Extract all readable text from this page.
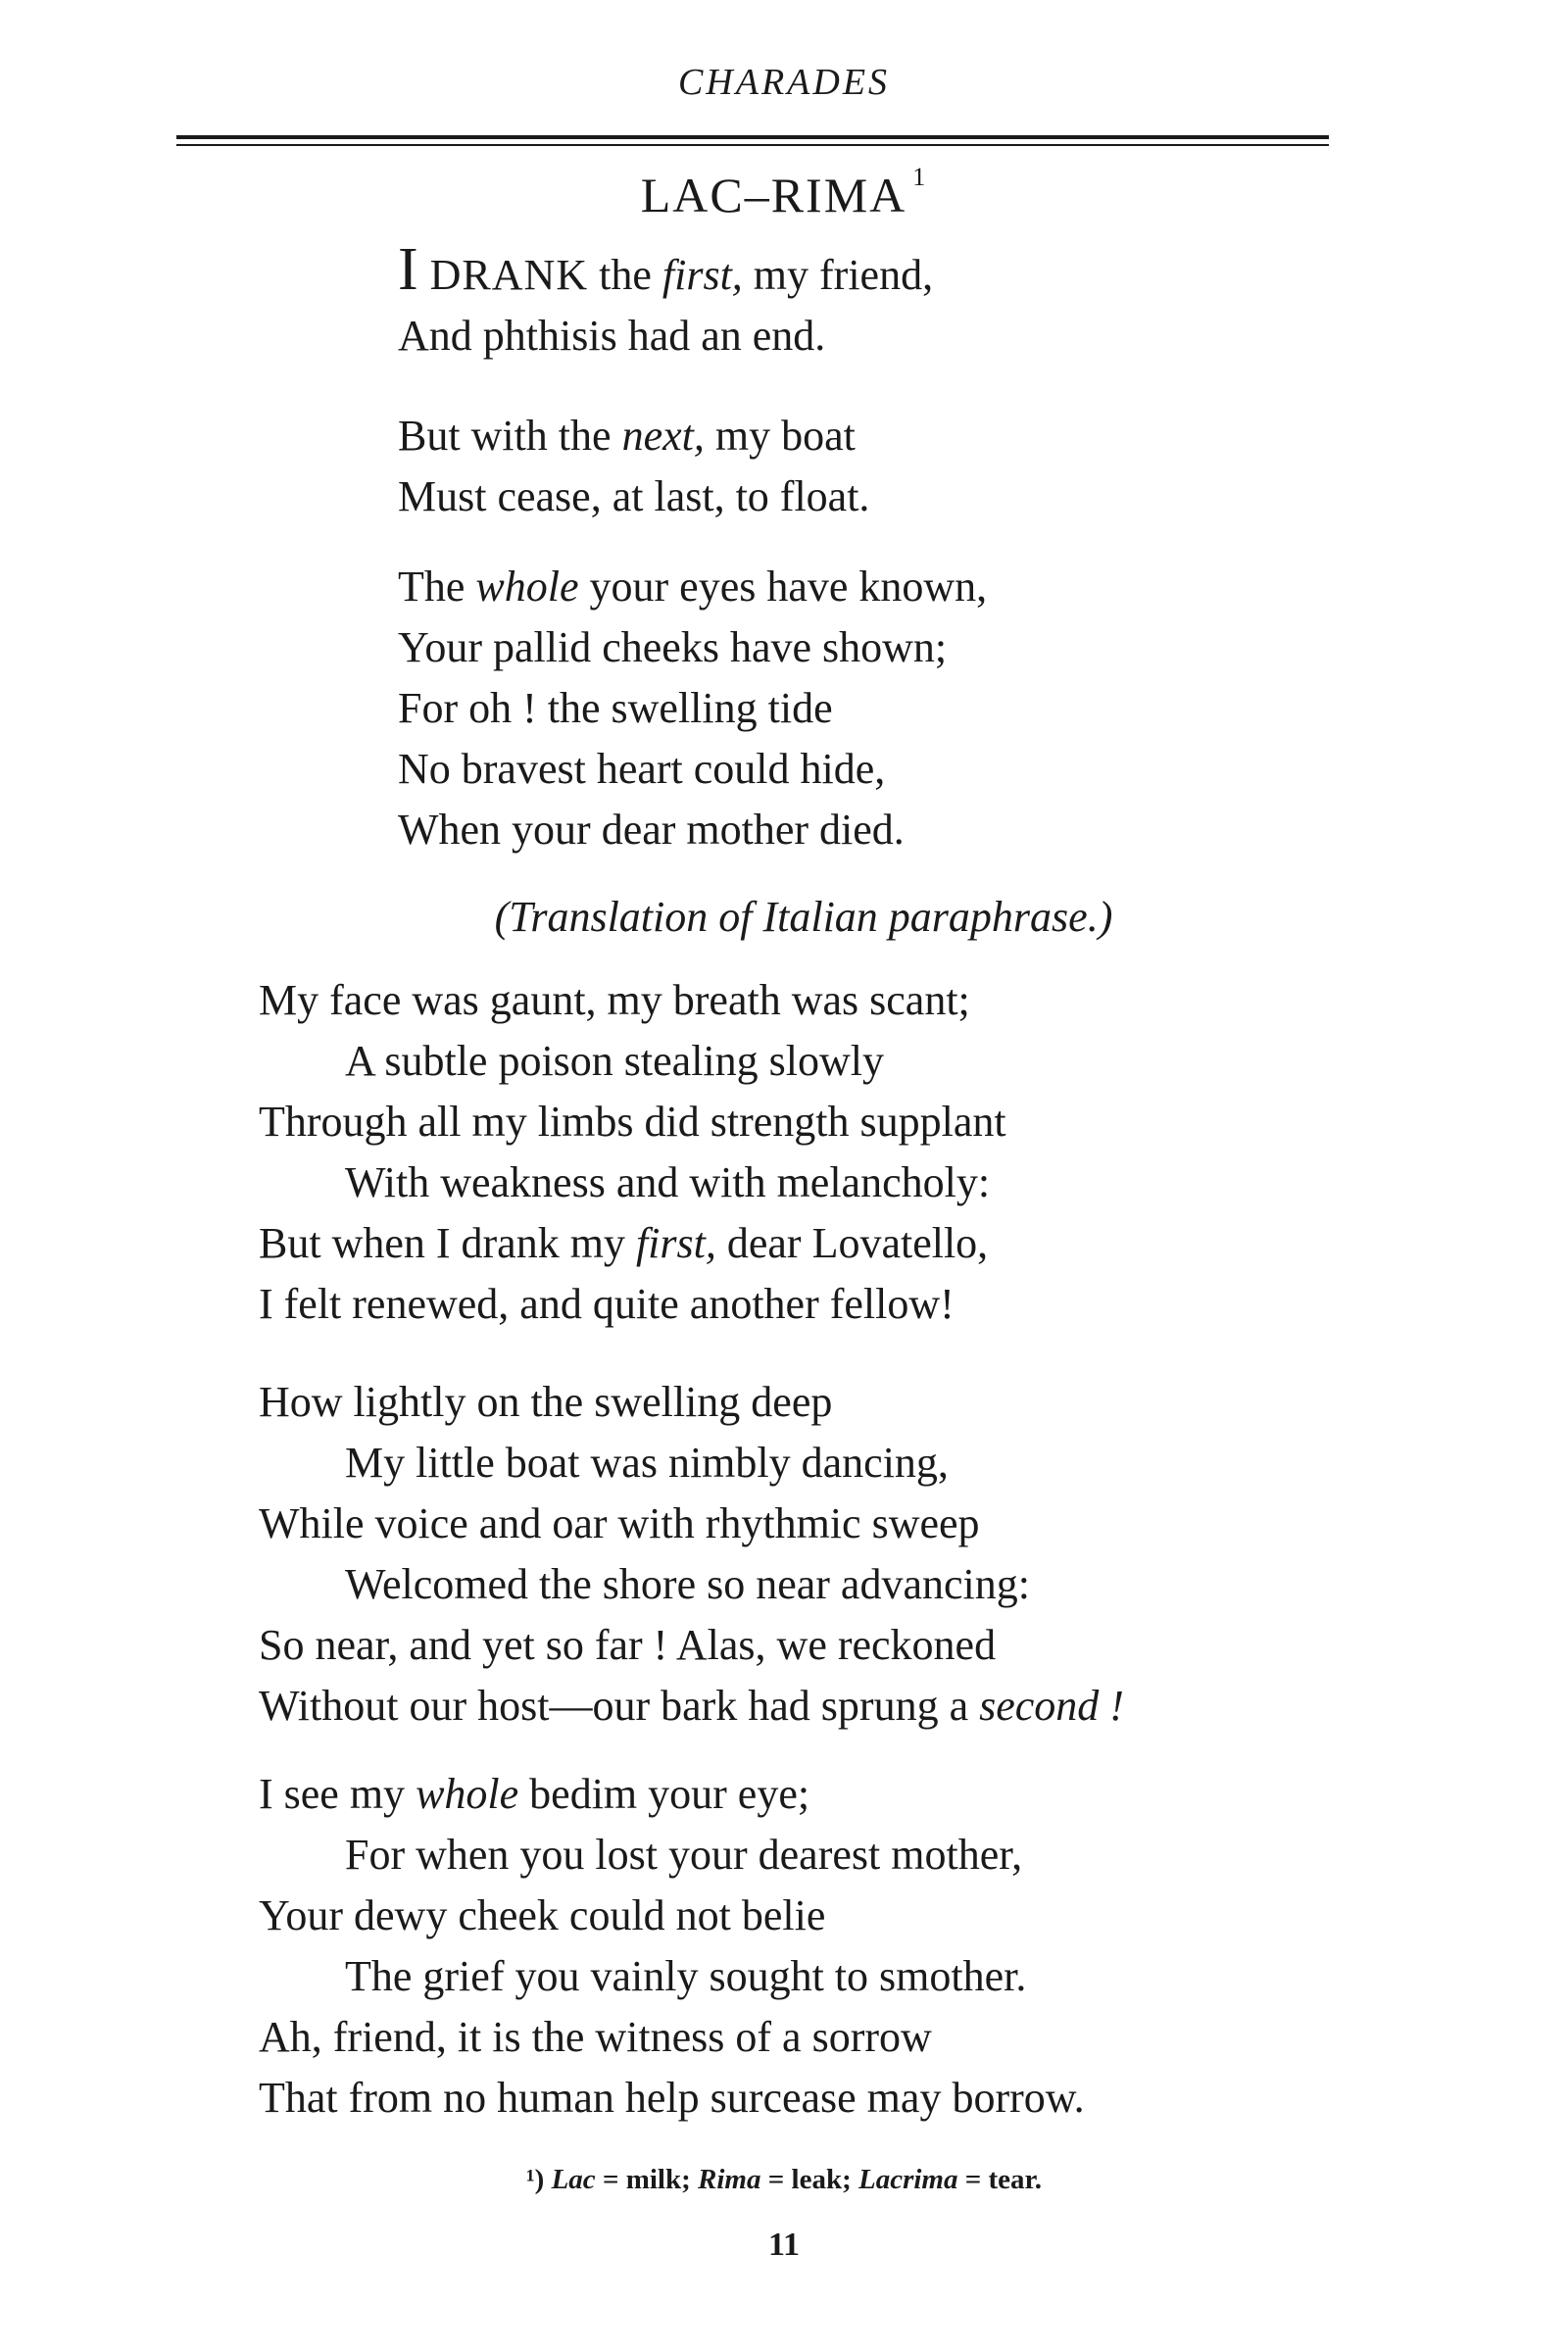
CHARADES
LAC–RIMA $^1$
I DRANK the first, my friend,
And phthisis had an end.
But with the next, my boat
Must cease, at last, to float.
The whole your eyes have known,
Your pallid cheeks have shown;
For oh ! the swelling tide
No bravest heart could hide,
When your dear mother died.
(Translation of Italian paraphrase.)
My face was gaunt, my breath was scant;
A subtle poison stealing slowly
Through all my limbs did strength supplant
With weakness and with melancholy:
But when I drank my first, dear Lovatello,
I felt renewed, and quite another fellow!
How lightly on the swelling deep
My little boat was nimbly dancing,
While voice and oar with rhythmic sweep
Welcomed the shore so near advancing:
So near, and yet so far ! Alas, we reckoned
Without our host—our bark had sprung a second !
I see my whole bedim your eye;
For when you lost your dearest mother,
Your dewy cheek could not belie
The grief you vainly sought to smother.
Ah, friend, it is the witness of a sorrow
That from no human help surcease may borrow.
¹) Lac = milk; Rima = leak; Lacrima = tear.
11
